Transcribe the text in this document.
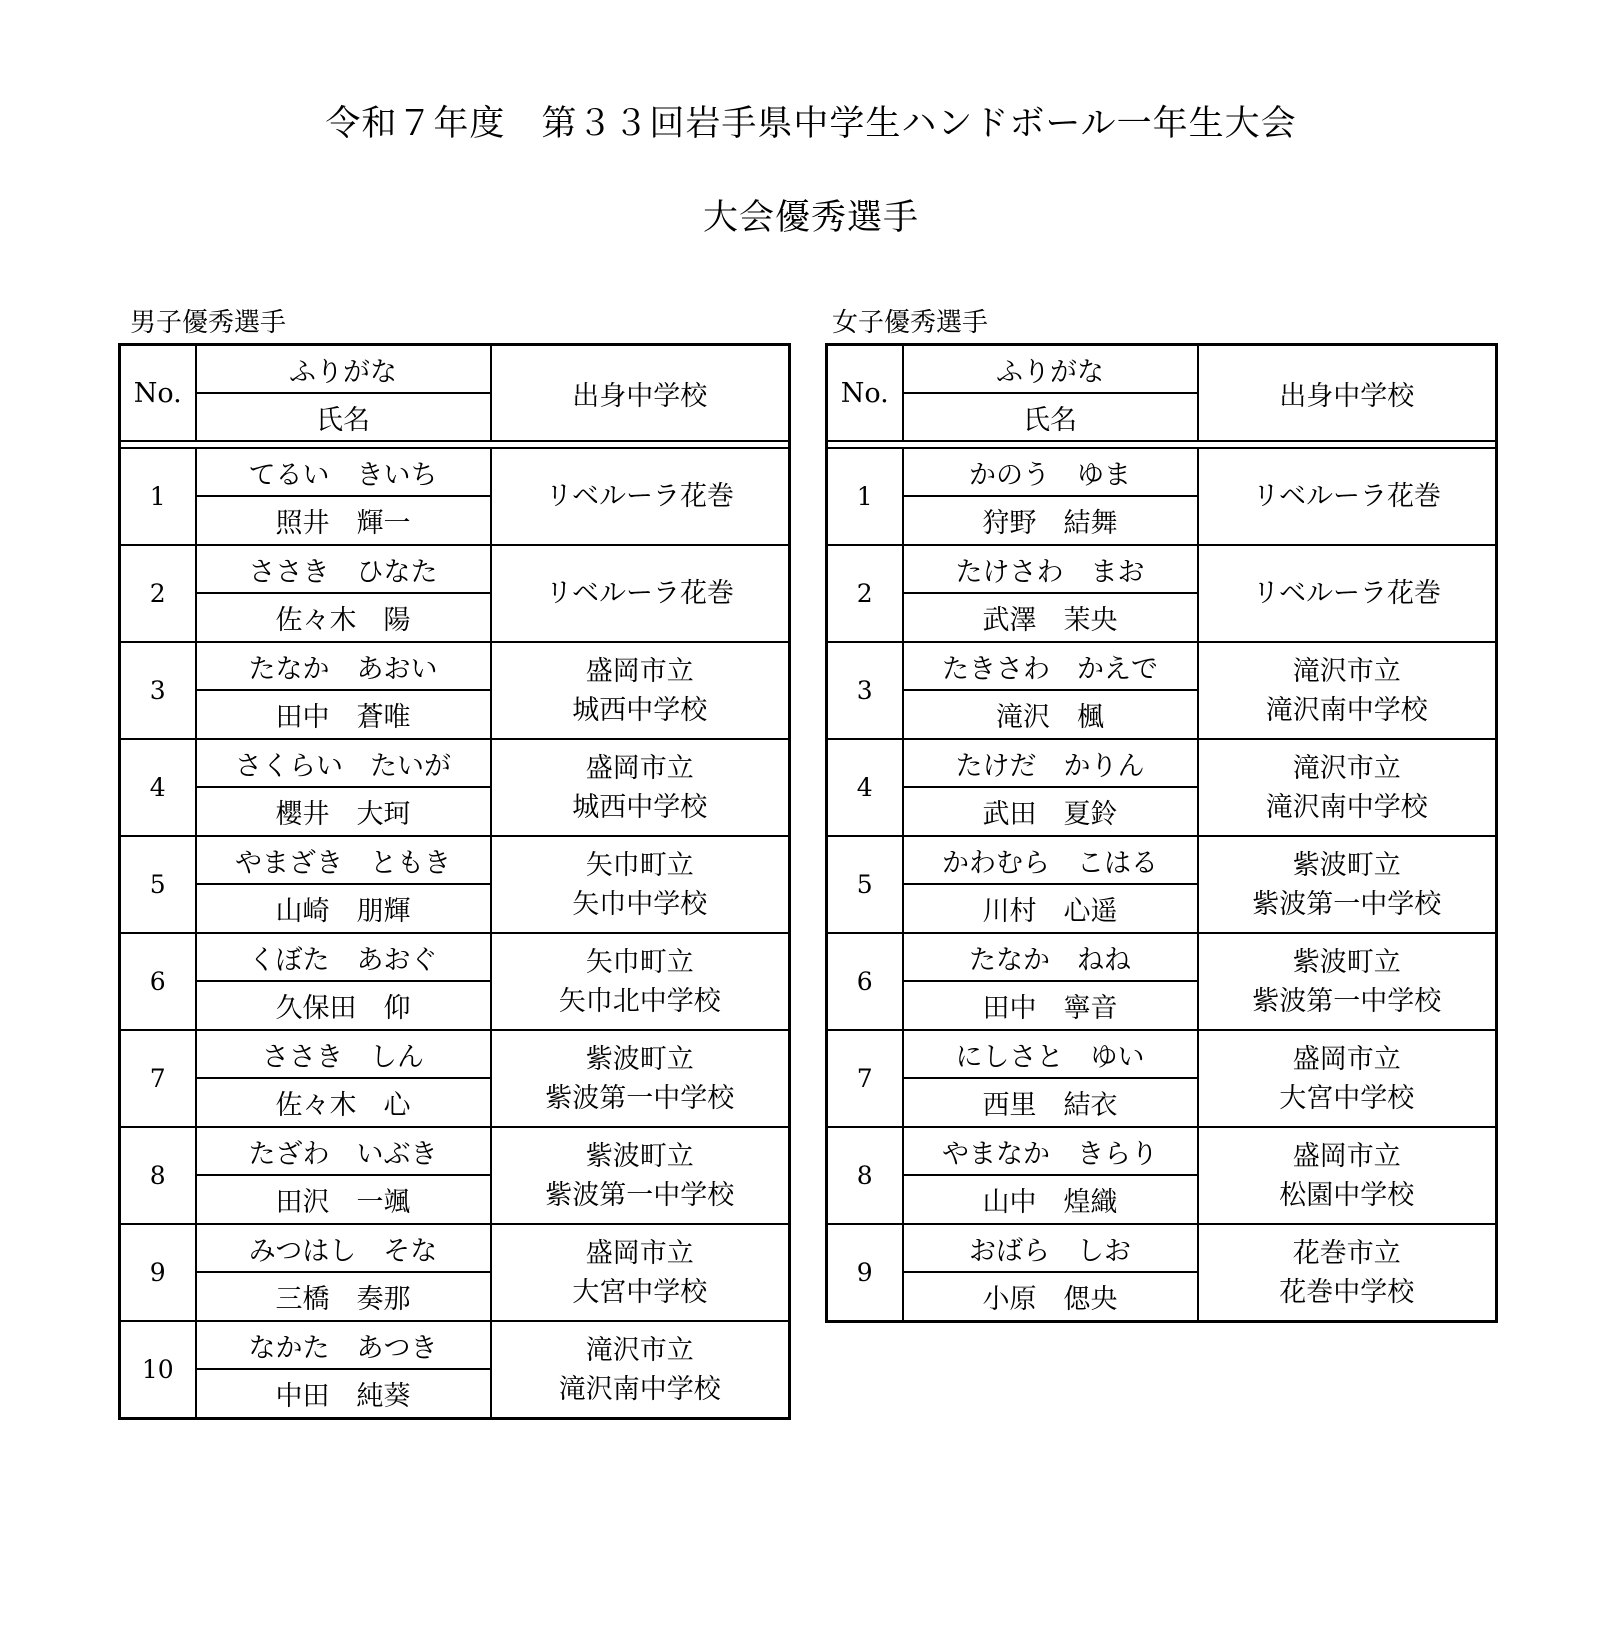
令和７年度　第３３回岩手県中学生ハンドボール一年生大会
大会優秀選手
男子優秀選手	女子優秀選手
No.	ふりがな	出身中学校
	氏名	

1	てるい　きいち	リベルーラ花巻

	照井　輝一	
2	ささき　ひなた	リベルーラ花巻

	佐々木　陽	
3	たなか　あおい	盛岡市立
城西中学校

	田中　蒼唯	
4	さくらい　たいが	盛岡市立
城西中学校

	櫻井　大珂	
5	やまざき　ともき	矢巾町立
矢巾中学校

	山崎　朋輝	
6	くぼた　あおぐ	矢巾町立
矢巾北中学校

	久保田　仰	
7	ささき　しん	紫波町立
紫波第一中学校

	佐々木　心	
8	たざわ　いぶき	紫波町立
紫波第一中学校

	田沢　一颯	
9	みつはし　そな	盛岡市立
大宮中学校

	三橋　奏那	
10	なかた　あつき	滝沢市立
滝沢南中学校

	中田　純葵	
No.	ふりがな	出身中学校
	氏名	

1	かのう　ゆま	リベルーラ花巻

	狩野　結舞	
2	たけさわ　まお	リベルーラ花巻

	武澤　茉央	
3	たきさわ　かえで	滝沢市立
滝沢南中学校

	滝沢　楓	
4	たけだ　かりん	滝沢市立
滝沢南中学校

	武田　夏鈴	
5	かわむら　こはる	紫波町立
紫波第一中学校

	川村　心遥	
6	たなか　ねね	紫波町立
紫波第一中学校

	田中　寧音	
7	にしさと　ゆい	盛岡市立
大宮中学校

	西里　結衣	
8	やまなか　きらり	盛岡市立
松園中学校

	山中　煌織	
9	おばら　しお	花巻市立
花巻中学校

	小原　偲央	
